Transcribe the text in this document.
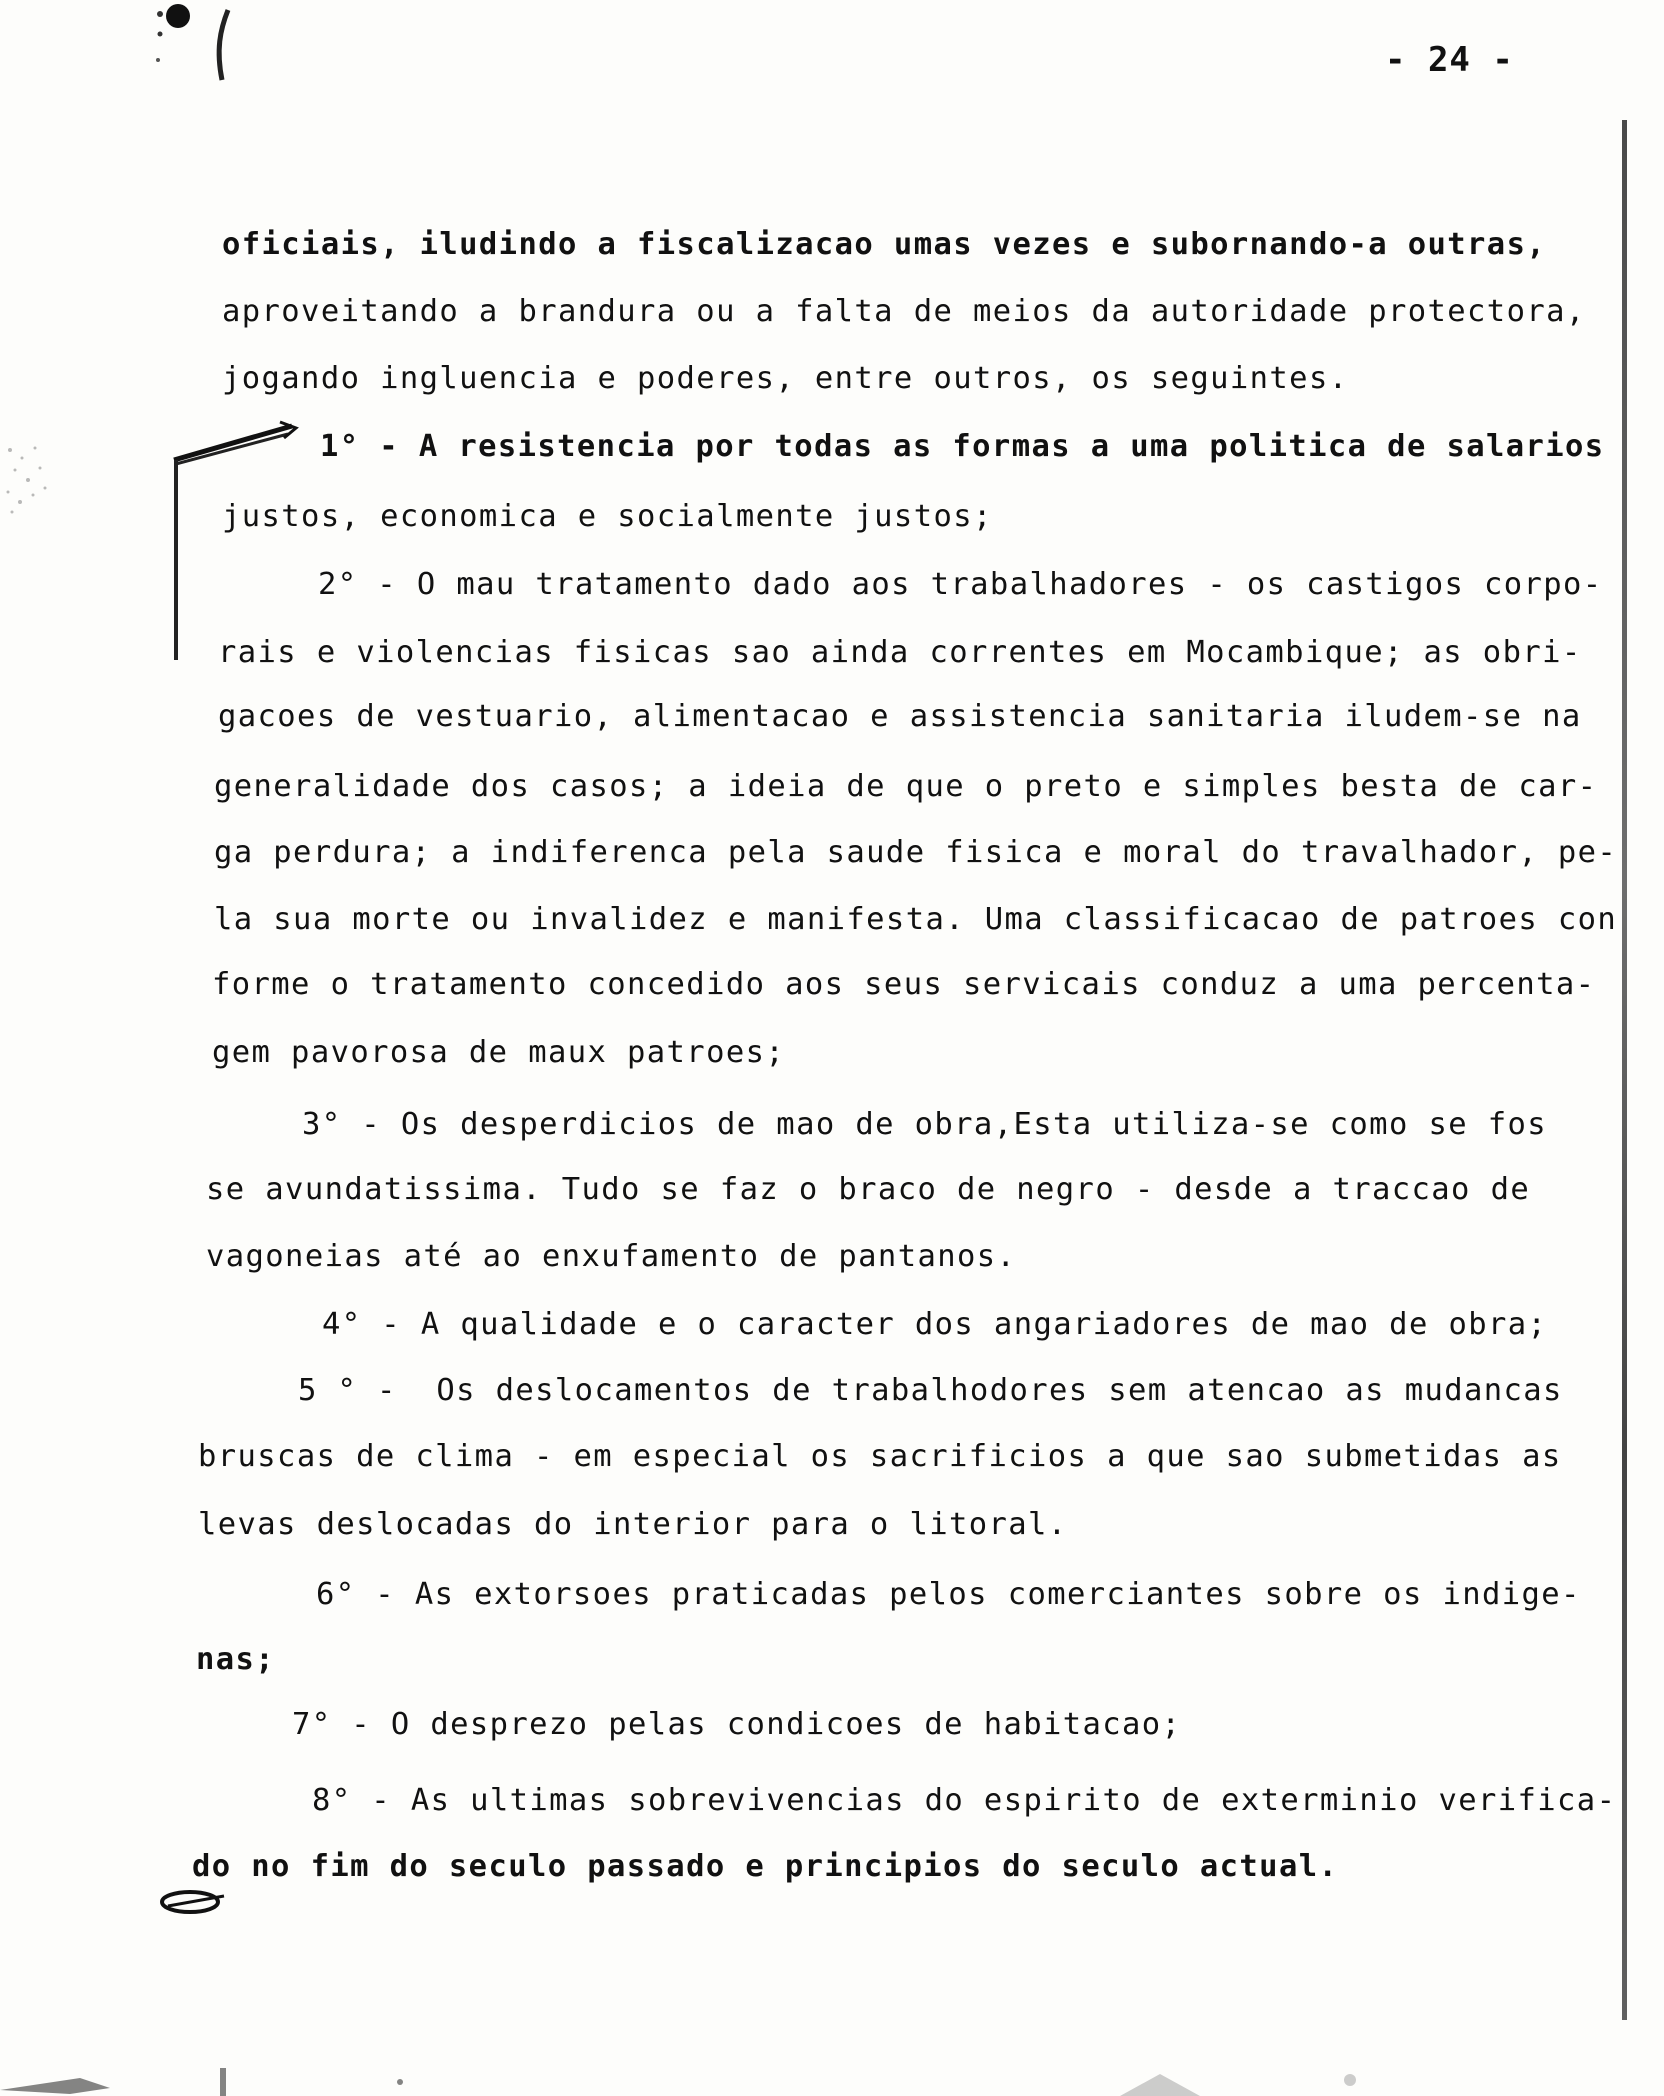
- 24 -
oficiais, iludindo a fiscalizacao umas vezes e subornando-a outras,
aproveitando a brandura ou a falta de meios da autoridade protectora,
jogando ingluencia e poderes, entre outros, os seguintes.
1° - A resistencia por todas as formas a uma politica de salarios
justos, economica e socialmente justos;
2° - O mau tratamento dado aos trabalhadores - os castigos corpo-
rais e violencias fisicas sao ainda correntes em Mocambique; as obri-
gacoes de vestuario, alimentacao e assistencia sanitaria iludem-se na
generalidade dos casos; a ideia de que o preto e simples besta de car-
ga perdura; a indiferenca pela saude fisica e moral do travalhador, pe-
la sua morte ou invalidez e manifesta. Uma classificacao de patroes con
forme o tratamento concedido aos seus servicais conduz a uma percenta-
gem pavorosa de maux patroes;
3° - Os desperdicios de mao de obra,Esta utiliza-se como se fos
se avundatissima. Tudo se faz o braco de negro - desde a traccao de
vagoneias até ao enxufamento de pantanos.
4° - A qualidade e o caracter dos angariadores de mao de obra;
5 ° -  Os deslocamentos de trabalhodores sem atencao as mudancas
bruscas de clima - em especial os sacrificios a que sao submetidas as
levas deslocadas do interior para o litoral.
6° - As extorsoes praticadas pelos comerciantes sobre os indige-
nas;
7° - O desprezo pelas condicoes de habitacao;
8° - As ultimas sobrevivencias do espirito de exterminio verifica-
do no fim do seculo passado e principios do seculo actual.
